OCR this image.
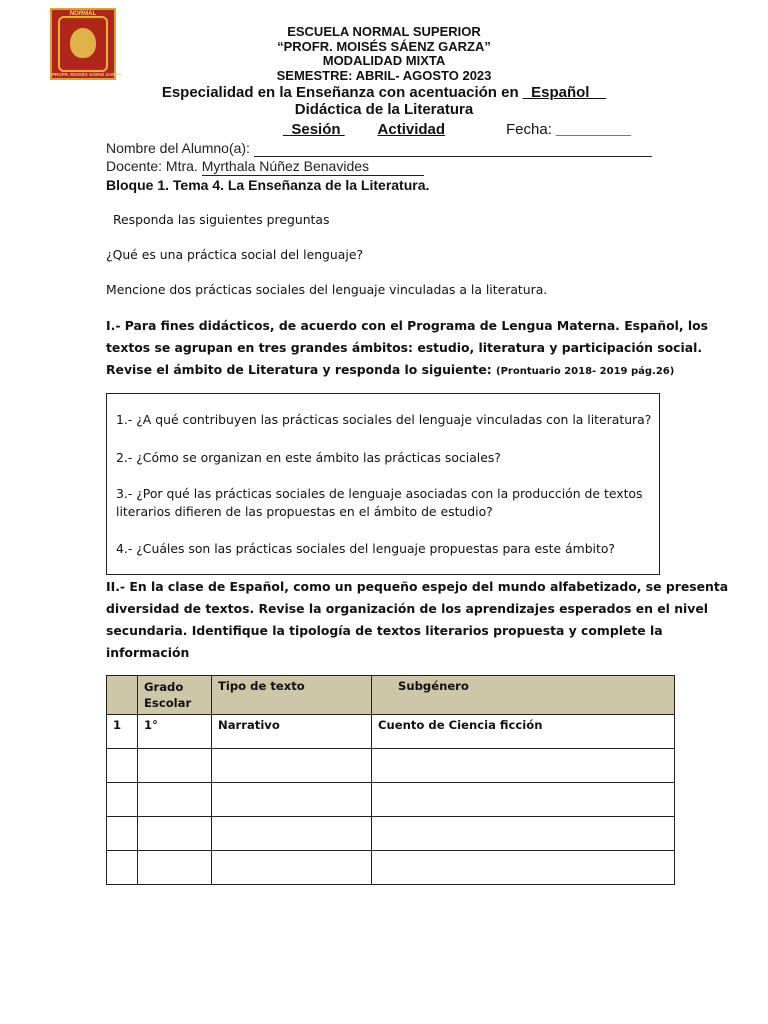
NORMAL
PROFR. MOISÉS SÁENZ GARZA
ESCUELA NORMAL SUPERIOR
“PROFR. MOISÉS SÁENZ GARZA”
MODALIDAD MIXTA
SEMESTRE: ABRIL- AGOSTO 2023
Especialidad en la Enseñanza con acentuación en _Español__
Didáctica de la Literatura
_Sesión Actividad	Fecha: _________
Nombre del Alumno(a):
Docente: Mtra. Myrthala Núñez Benavides
Bloque 1. Tema 4. La Enseñanza de la Literatura.
Responda las siguientes preguntas
¿Qué es una práctica social del lenguaje?
Mencione dos prácticas sociales del lenguaje vinculadas a la literatura.
I.- Para fines didácticos, de acuerdo con el Programa de Lengua Materna. Español, los
textos se agrupan en tres grandes ámbitos: estudio, literatura y participación social.
Revise el ámbito de Literatura y responda lo siguiente: (Prontuario 2018- 2019 pág.26)
1.- ¿A qué contribuyen las prácticas sociales del lenguaje vinculadas con la literatura?
2.- ¿Cómo se organizan en este ámbito las prácticas sociales?
3.- ¿Por qué las prácticas sociales de lenguaje asociadas con la producción de textos
literarios difieren de las propuestas en el ámbito de estudio?
4.- ¿Cuáles son las prácticas sociales del lenguaje propuestas para este ámbito?
II.- En la clase de Español, como un pequeño espejo del mundo alfabetizado, se presenta
diversidad de textos. Revise la organización de los aprendizajes esperados en el nivel
secundaria. Identifique la tipología de textos literarios propuesta y complete la
información

	Grado
Escolar	Tipo de texto	Subgénero
1	1°	Narrativo	Cuento de Ciencia ficción
